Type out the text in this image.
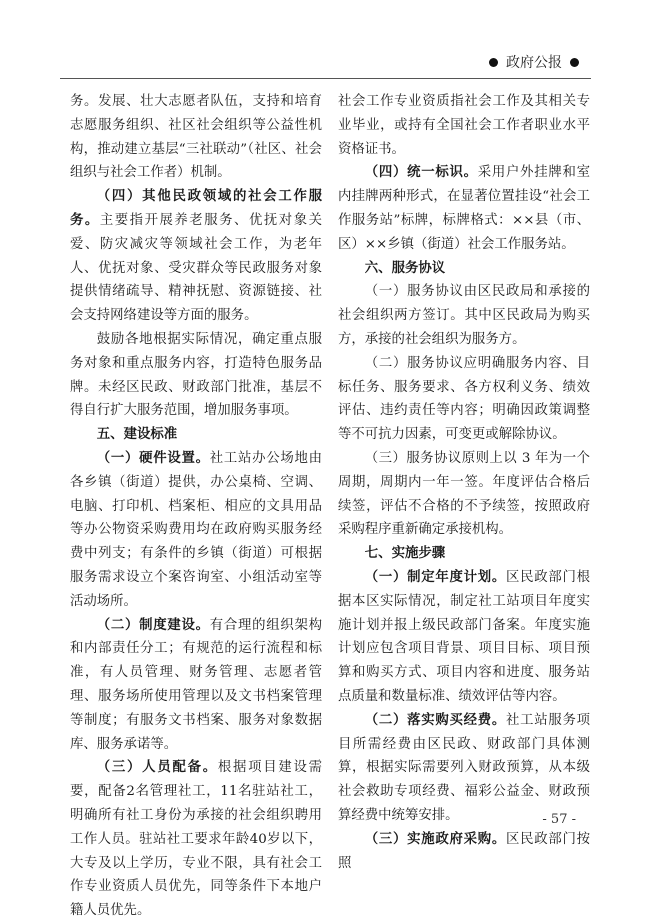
政府公报

务。发展、壮大志愿者队伍，支持和培育志愿服务组织、社区社会组织等公益性机构，推动建立基层“三社联动”（社区、社会组织与社会工作者）机制。

（四）其他民政领域的社会工作服务。主要指开展养老服务、优抚对象关爱、防灾减灾等领域社会工作，为老年人、优抚对象、受灾群众等民政服务对象提供情绪疏导、精神抚慰、资源链接、社会支持网络建设等方面的服务。

鼓励各地根据实际情况，确定重点服务对象和重点服务内容，打造特色服务品牌。未经区民政、财政部门批准，基层不得自行扩大服务范围，增加服务事项。

五、建设标准

（一）硬件设置。社工站办公场地由各乡镇（街道）提供，办公桌椅、空调、电脑、打印机、档案柜、相应的文具用品等办公物资采购费用均在政府购买服务经费中列支；有条件的乡镇（街道）可根据服务需求设立个案咨询室、小组活动室等活动场所。

（二）制度建设。有合理的组织架构和内部责任分工；有规范的运行流程和标准，有人员管理、财务管理、志愿者管理、服务场所使用管理以及文书档案管理等制度；有服务文书档案、服务对象数据库、服务承诺等。

（三）人员配备。根据项目建设需要，配备2名管理社工，11名驻站社工，明确所有社工身份为承接的社会组织聘用工作人员。驻站社工要求年龄40岁以下，大专及以上学历，专业不限，具有社会工作专业资质人员优先，同等条件下本地户籍人员优先。

社会工作专业资质指社会工作及其相关专业毕业，或持有全国社会工作者职业水平资格证书。

（四）统一标识。采用户外挂牌和室内挂牌两种形式，在显著位置挂设“社会工作服务站”标牌，标牌格式：××县（市、区）××乡镇（街道）社会工作服务站。

六、服务协议

（一）服务协议由区民政局和承接的社会组织两方签订。其中区民政局为购买方，承接的社会组织为服务方。

（二）服务协议应明确服务内容、目标任务、服务要求、各方权利义务、绩效评估、违约责任等内容；明确因政策调整等不可抗力因素，可变更或解除协议。

（三）服务协议原则上以 3 年为一个周期，周期内一年一签。年度评估合格后续签，评估不合格的不予续签，按照政府采购程序重新确定承接机构。

七、实施步骤

（一）制定年度计划。区民政部门根据本区实际情况，制定社工站项目年度实施计划并报上级民政部门备案。年度实施计划应包含项目背景、项目目标、项目预算和购买方式、项目内容和进度、服务站点质量和数量标准、绩效评估等内容。

（二）落实购买经费。社工站服务项目所需经费由区民政、财政部门具体测算，根据实际需要列入财政预算，从本级社会救助专项经费、福彩公益金、财政预算经费中统筹安排。

（三）实施政府采购。区民政部门按照

- 57 -
